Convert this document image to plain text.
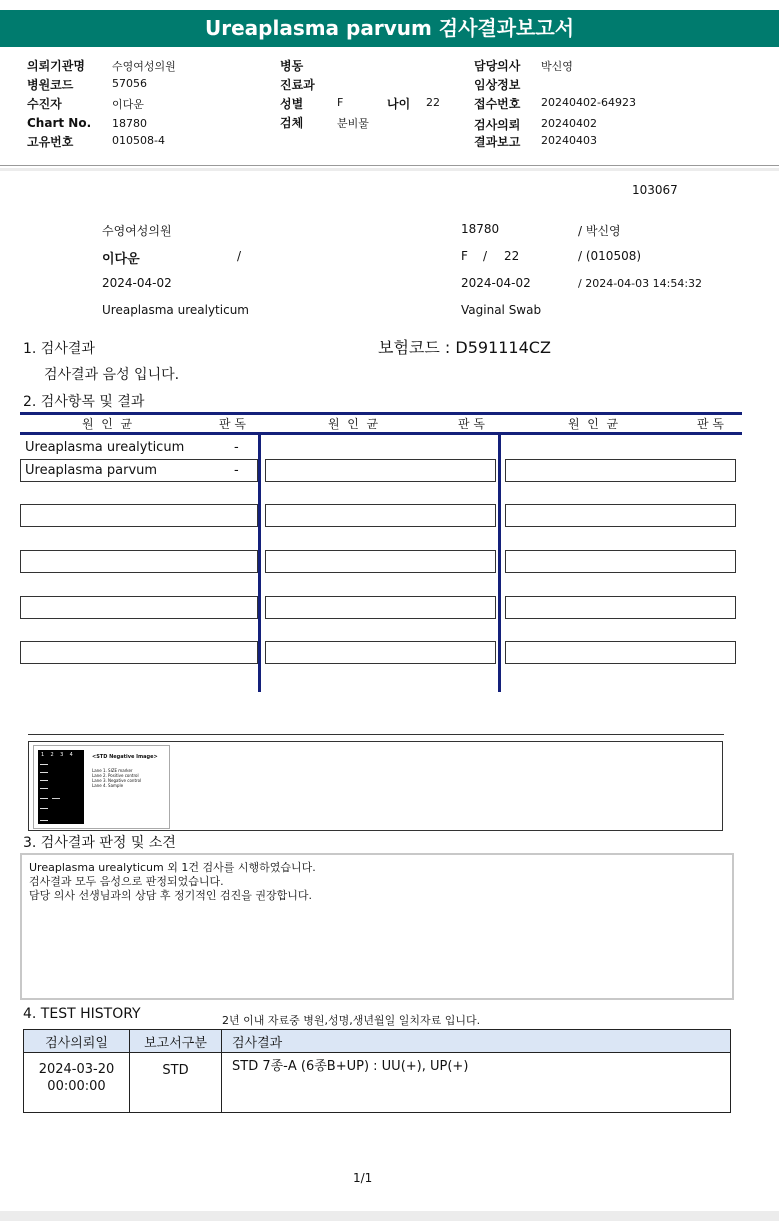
Ureaplasma parvum 검사결과보고서
의뢰기관명 수영여성의원
병원코드	57056
수진자	이다운
Chart No. 18780
고유번호	010508-4
병동
진료과
성별	F	나이 22
검체	분비물
담당의사 박신영
임상정보
접수번호 20240402-64923
검사의뢰 20240402
결과보고 20240403
103067
수영여성의원	18780	/ 박신영
이다운	/	F / 22	/ (010508)
2024-04-02	2024-04-02	/ 2024-04-03 14:54:32
Ureaplasma urealyticum	Vaginal Swab
1. 검사결과	보험코드 : D591114CZ
검사결과 음성 입니다.
2. 검사항목 및 결과
원  인  균	판 독	원  인  균	판 독	원  인  균	판 독
Ureaplasma urealyticum	-
Ureaplasma parvum	-
1 2 3 4	<STD Negative Image>
Lane 1. SIZE marker
Lane 2. Positive control
Lane 3. Negative control
Lane 4. Sample
3. 검사결과 판정 및 소견
Ureaplasma urealyticum 외 1건 검사를 시행하였습니다.
검사결과 모두 음성으로 판정되었습니다.
담당 의사 선생님과의 상담 후 정기적인 검진을 권장합니다.
4. TEST HISTORY	2년 이내 자료중 병원,성명,생년월일 일치자료 입니다.
검사의뢰일	보고서구분	검사결과

2024-03-20
00:00:00	STD	STD 7종-A (6종B+UP) : UU(+), UP(+)
1/1
